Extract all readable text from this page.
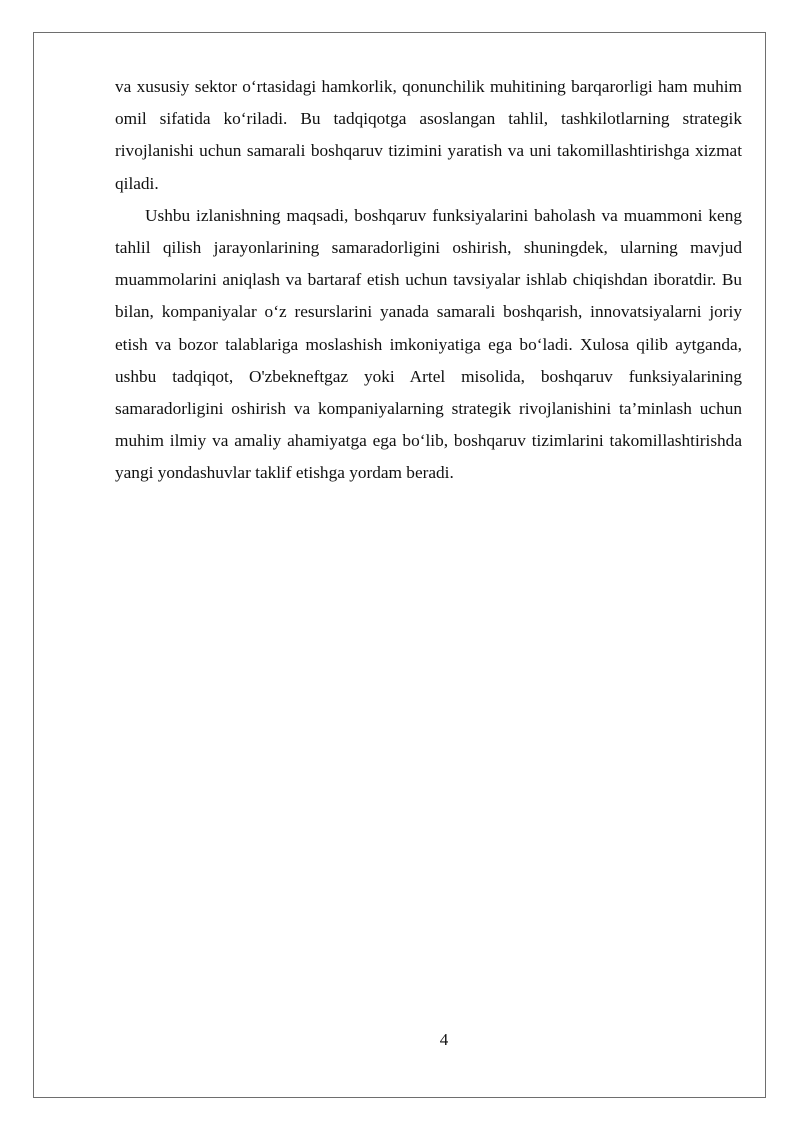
va xususiy sektor o‘rtasidagi hamkorlik, qonunchilik muhitining barqarorligi ham muhim omil sifatida ko‘riladi. Bu tadqiqotga asoslangan tahlil, tashkilotlarning strategik rivojlanishi uchun samarali boshqaruv tizimini yaratish va uni takomillashtirishga xizmat qiladi.

Ushbu izlanishning maqsadi, boshqaruv funksiyalarini baholash va muammoni keng tahlil qilish jarayonlarining samaradorligini oshirish, shuningdek, ularning mavjud muammolarini aniqlash va bartaraf etish uchun tavsiyalar ishlab chiqishdan iboratdir. Bu bilan, kompaniyalar o‘z resurslarini yanada samarali boshqarish, innovatsiyalarni joriy etish va bozor talablariga moslashish imkoniyatiga ega bo‘ladi. Xulosa qilib aytganda, ushbu tadqiqot, O'zbekneftgaz yoki Artel misolida, boshqaruv funksiyalarining samaradorligini oshirish va kompaniyalarning strategik rivojlanishini ta’minlash uchun muhim ilmiy va amaliy ahamiyatga ega bo‘lib, boshqaruv tizimlarini takomillashtirishda yangi yondashuvlar taklif etishga yordam beradi.

4
